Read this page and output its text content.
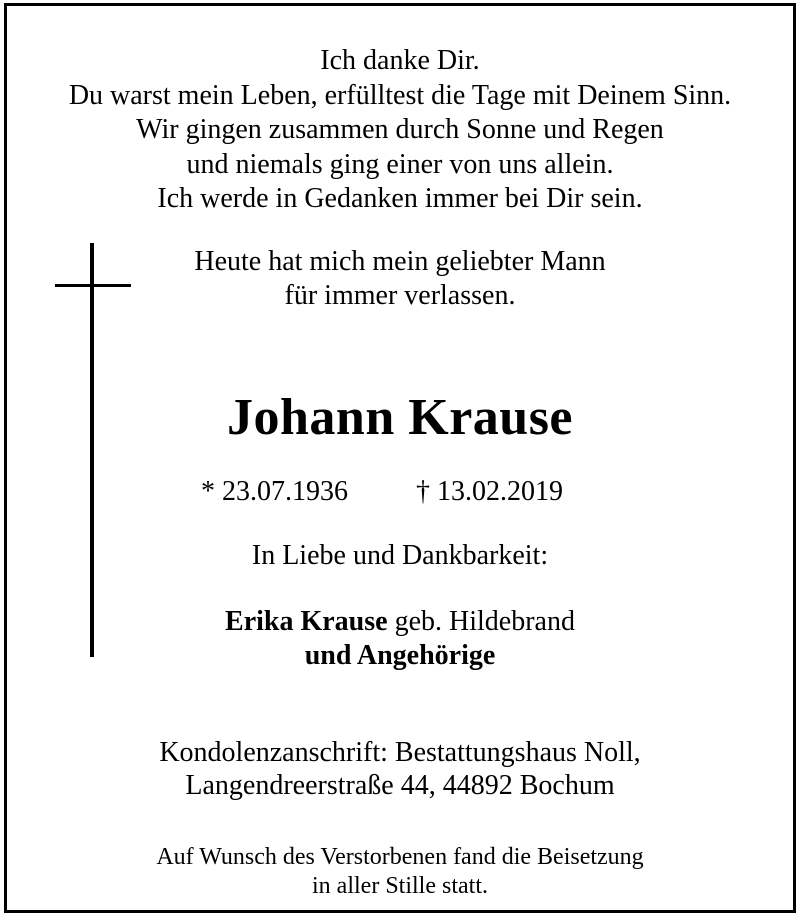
Ich danke Dir.
Du warst mein Leben, erfülltest die Tage mit Deinem Sinn.
Wir gingen zusammen durch Sonne und Regen
und niemals ging einer von uns allein.
Ich werde in Gedanken immer bei Dir sein.
Heute hat mich mein geliebter Mann
für immer verlassen.
Johann Krause
* 23.07.1936 † 13.02.2019
In Liebe und Dankbarkeit:
Erika Krause geb. Hildebrand
und Angehörige
Kondolenzanschrift: Bestattungshaus Noll,
Langendreerstraße 44, 44892 Bochum
Auf Wunsch des Verstorbenen fand die Beisetzung
in aller Stille statt.
